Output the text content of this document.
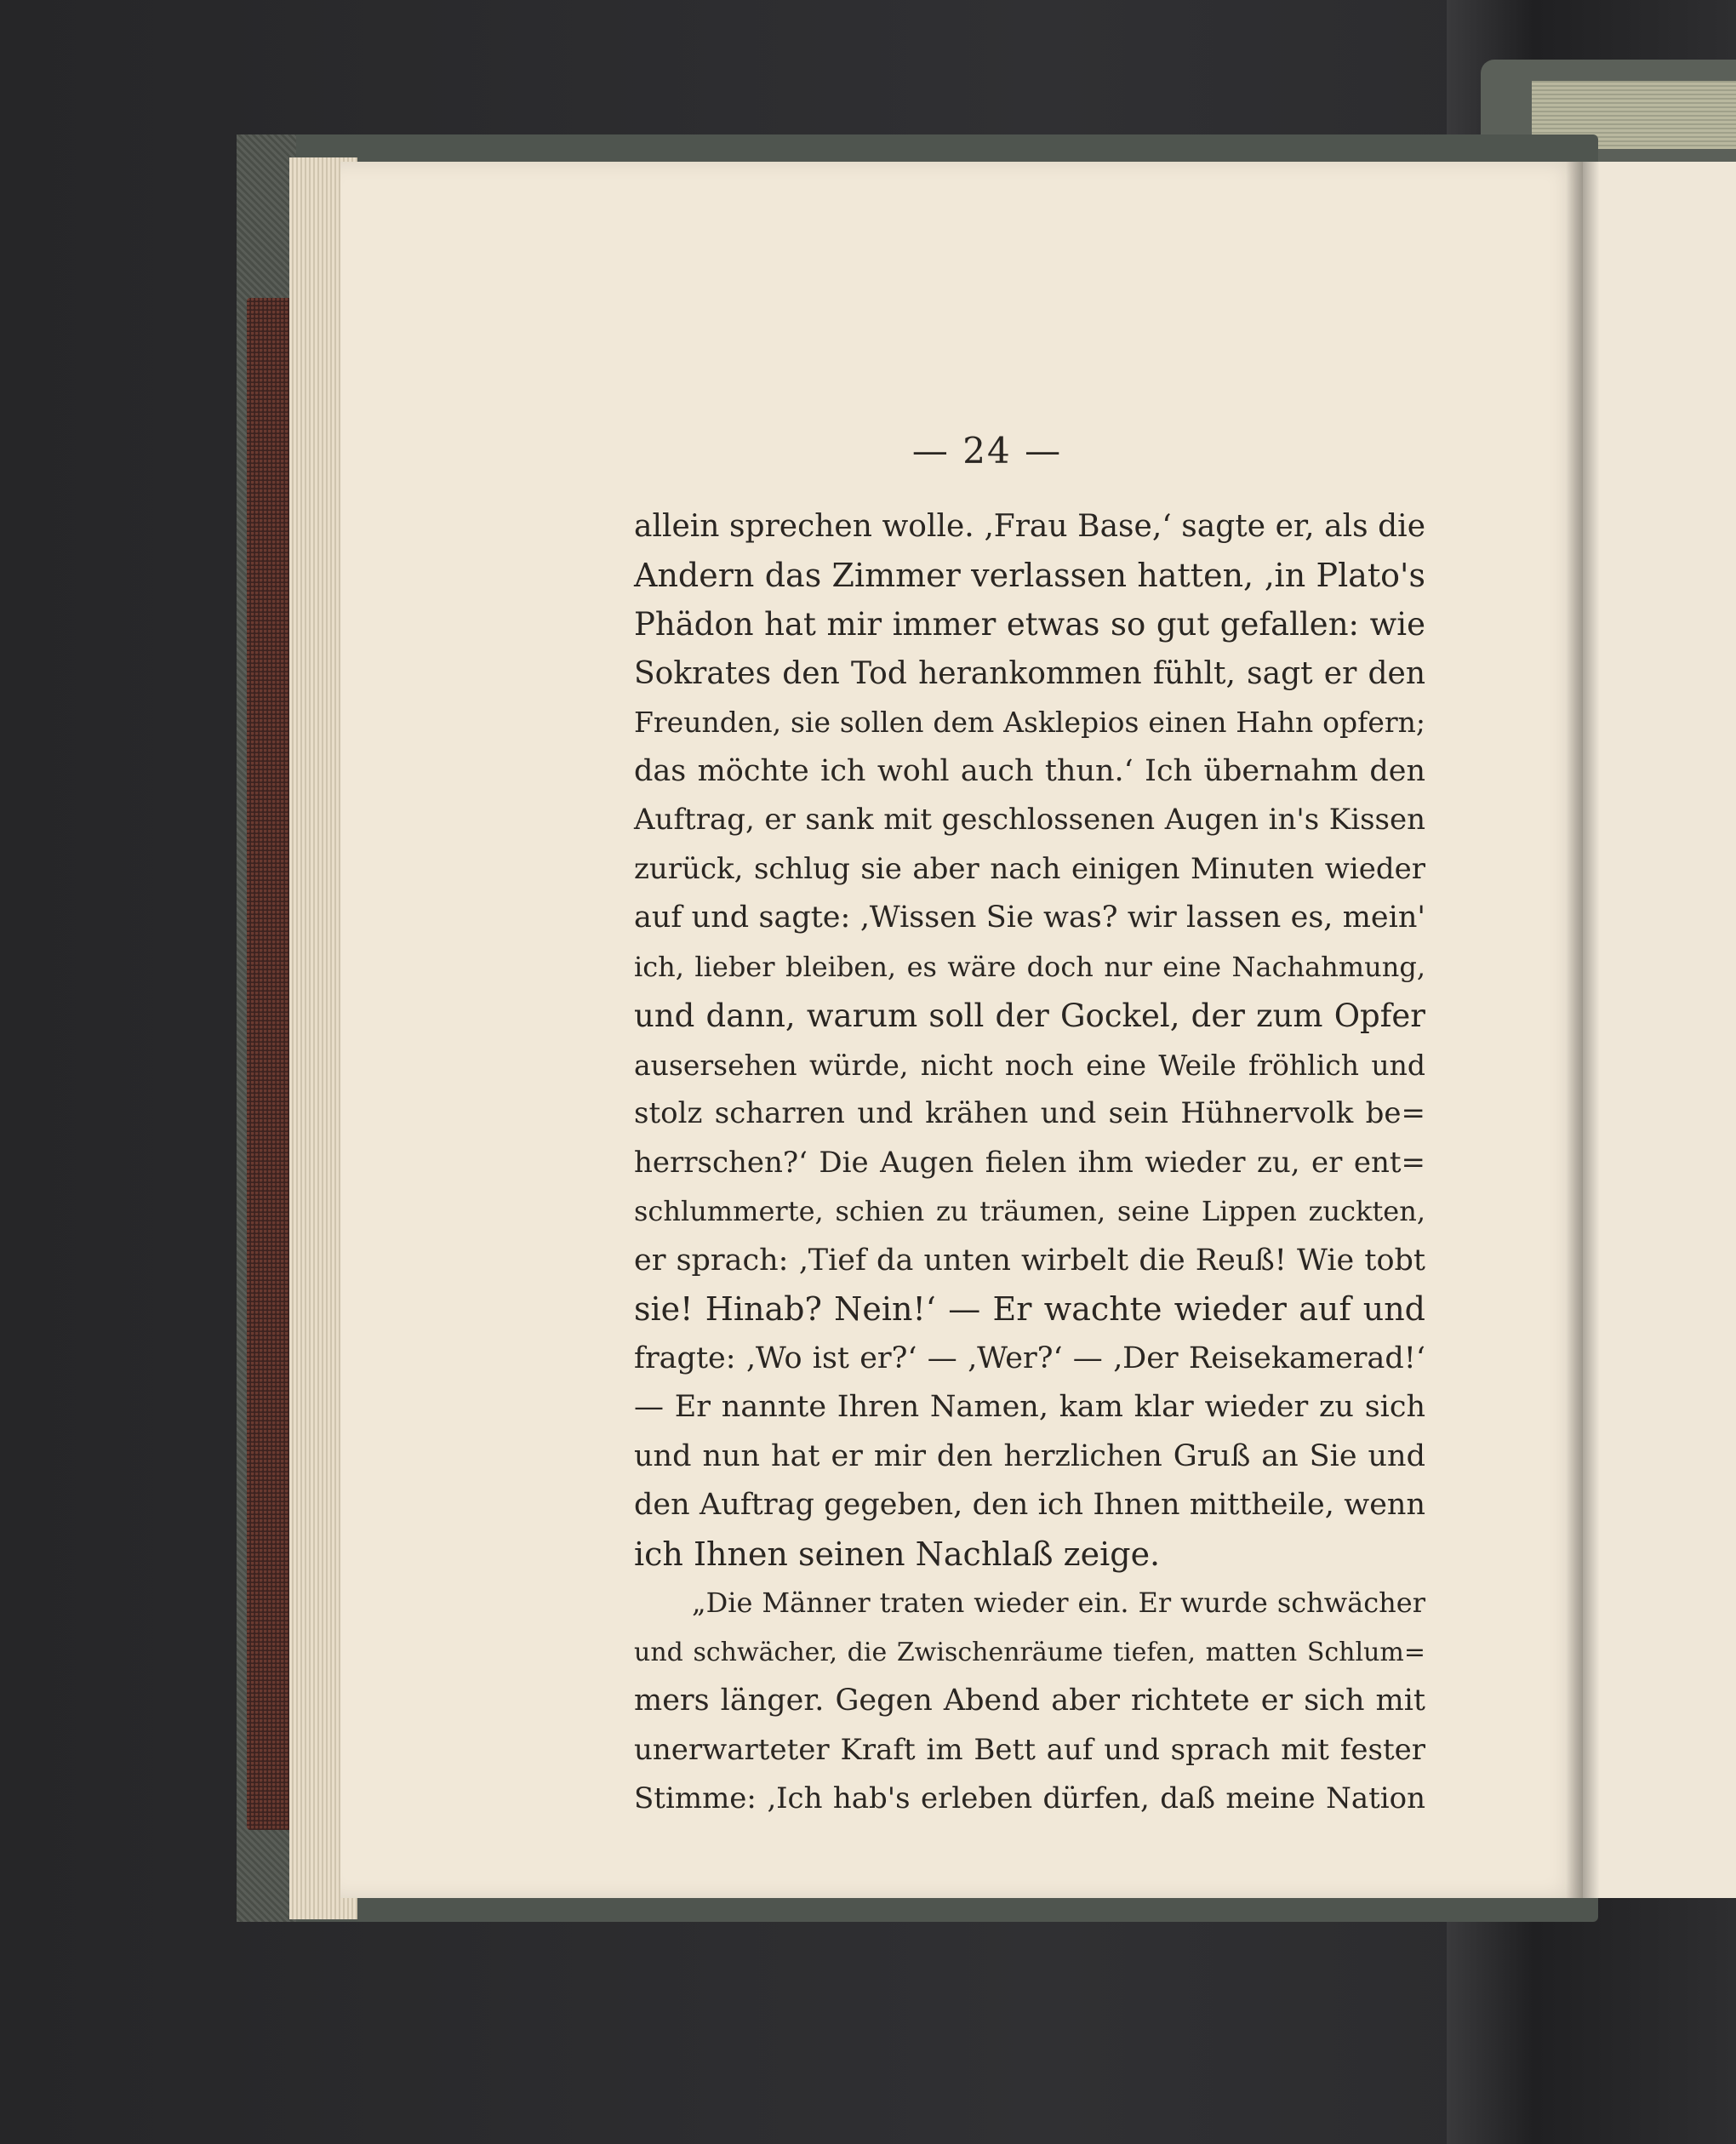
— 24 —
allein sprechen wolle. ‚Frau Base,‘ sagte er, als die
Andern das Zimmer verlassen hatten, ‚in Plato's
Phädon hat mir immer etwas so gut gefallen: wie
Sokrates den Tod herankommen fühlt, sagt er den
Freunden, sie sollen dem Asklepios einen Hahn opfern;
das möchte ich wohl auch thun.‘ Ich übernahm den
Auftrag, er sank mit geschlossenen Augen in's Kissen
zurück, schlug sie aber nach einigen Minuten wieder
auf und sagte: ‚Wissen Sie was? wir lassen es, mein'
ich, lieber bleiben, es wäre doch nur eine Nachahmung,
und dann, warum soll der Gockel, der zum Opfer
ausersehen würde, nicht noch eine Weile fröhlich und
stolz scharren und krähen und sein Hühnervolk be=
herrschen?‘ Die Augen fielen ihm wieder zu, er ent=
schlummerte, schien zu träumen, seine Lippen zuckten,
er sprach: ‚Tief da unten wirbelt die Reuß! Wie tobt
sie! Hinab? Nein!‘ — Er wachte wieder auf und
fragte: ‚Wo ist er?‘ — ‚Wer?‘ — ‚Der Reisekamerad!‘
— Er nannte Ihren Namen, kam klar wieder zu sich
und nun hat er mir den herzlichen Gruß an Sie und
den Auftrag gegeben, den ich Ihnen mittheile, wenn
ich Ihnen seinen Nachlaß zeige.
„Die Männer traten wieder ein. Er wurde schwächer
und schwächer, die Zwischenräume tiefen, matten Schlum=
mers länger. Gegen Abend aber richtete er sich mit
unerwarteter Kraft im Bett auf und sprach mit fester
Stimme: ‚Ich hab's erleben dürfen, daß meine Nation
